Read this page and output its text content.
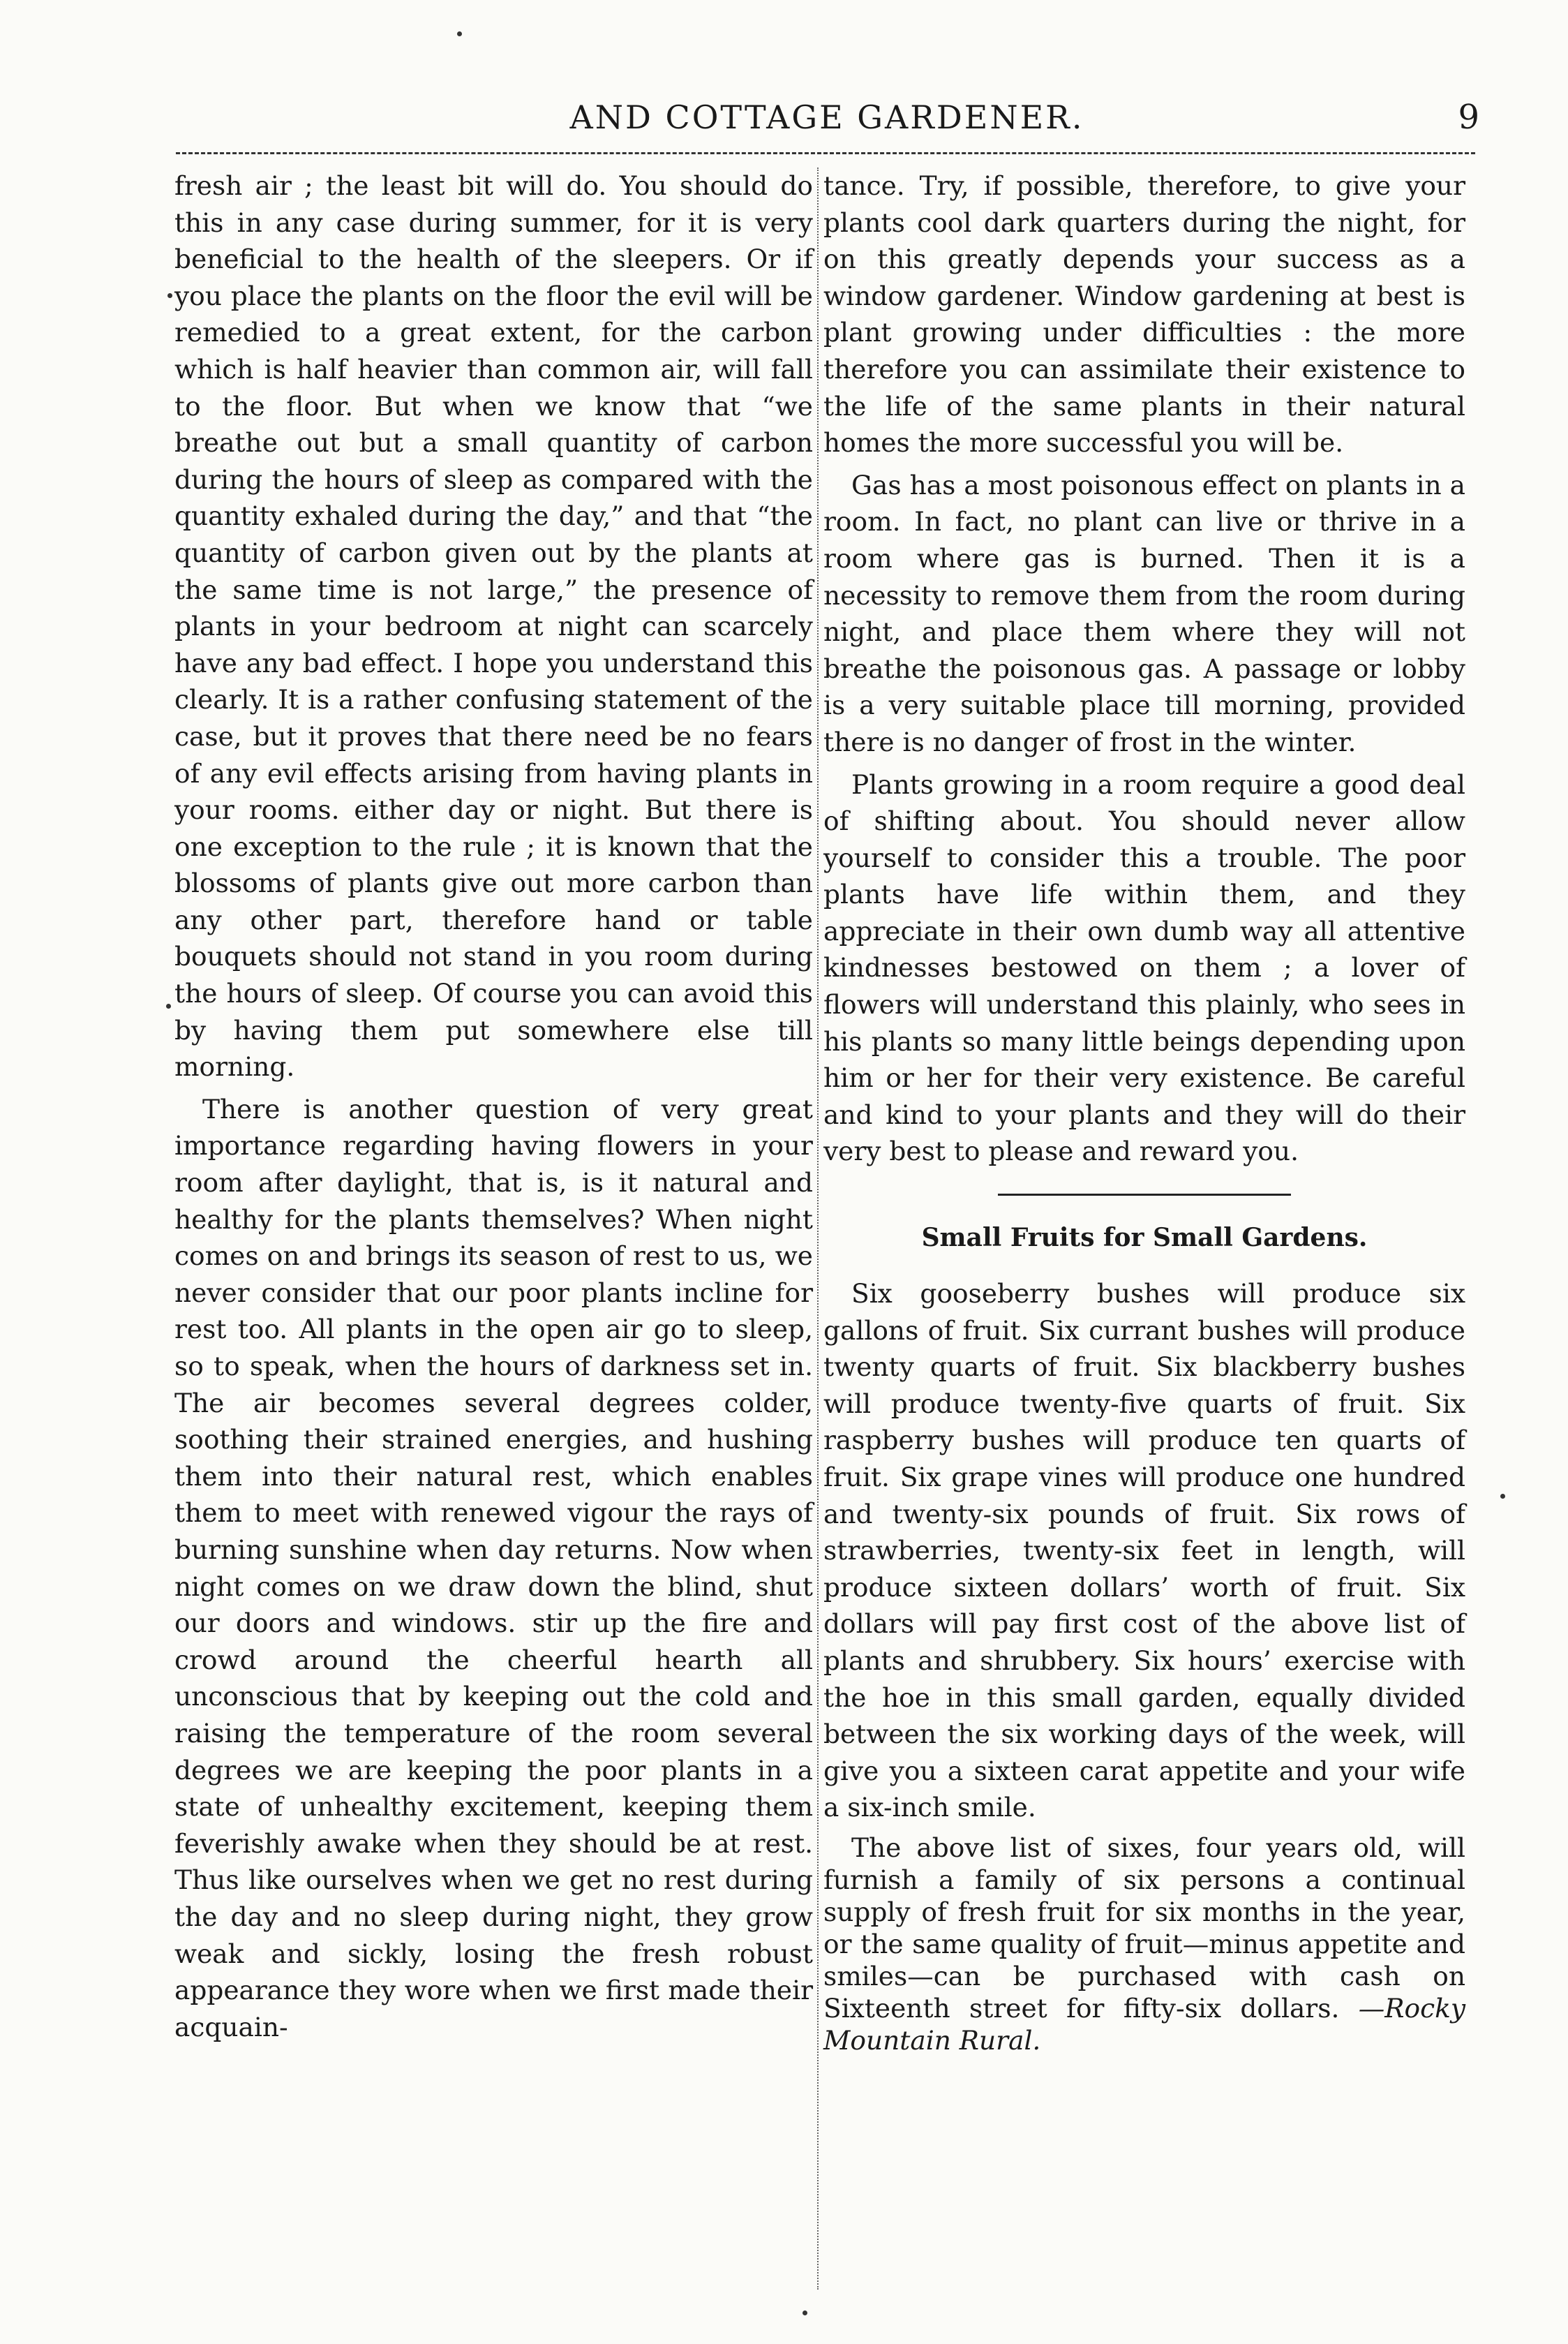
AND COTTAGE GARDENER.	9

fresh air ; the least bit will do. You should do this in any case during summer, for it is very beneficial to the health of the sleepers. Or if you place the plants on the floor the evil will be remedied to a great extent, for the carbon which is half heavier than common air, will fall to the floor. But when we know that “we breathe out but a small quantity of carbon during the hours of sleep as compared with the quantity exhaled during the day,” and that “the quantity of carbon given out by the plants at the same time is not large,” the presence of plants in your bedroom at night can scarcely have any bad effect. I hope you understand this clearly. It is a rather confusing statement of the case, but it proves that there need be no fears of any evil effects arising from having plants in your rooms. either day or night. But there is one exception to the rule ; it is known that the blossoms of plants give out more carbon than any other part, therefore hand or table bouquets should not stand in you room during the hours of sleep. Of course you can avoid this by having them put somewhere else till morning.

There is another question of very great importance regarding having flowers in your room after daylight, that is, is it natural and healthy for the plants themselves? When night comes on and brings its season of rest to us, we never consider that our poor plants incline for rest too. All plants in the open air go to sleep, so to speak, when the hours of darkness set in. The air becomes several degrees colder, soothing their strained energies, and hushing them into their natural rest, which enables them to meet with renewed vigour the rays of burning sunshine when day returns. Now when night comes on we draw down the blind, shut our doors and windows. stir up the fire and crowd around the cheerful hearth all unconscious that by keeping out the cold and raising the temperature of the room several degrees we are keeping the poor plants in a state of unhealthy excitement, keeping them feverishly awake when they should be at rest. Thus like ourselves when we get no rest during the day and no sleep during night, they grow weak and sickly, losing the fresh robust appearance they wore when we first made their acquain-

tance. Try, if possible, therefore, to give your plants cool dark quarters during the night, for on this greatly depends your success as a window gardener. Window gardening at best is plant growing under difficulties : the more therefore you can assimilate their existence to the life of the same plants in their natural homes the more successful you will be.

Gas has a most poisonous effect on plants in a room. In fact, no plant can live or thrive in a room where gas is burned. Then it is a necessity to remove them from the room during night, and place them where they will not breathe the poisonous gas. A passage or lobby is a very suitable place till morning, provided there is no danger of frost in the winter.

Plants growing in a room require a good deal of shifting about. You should never allow yourself to consider this a trouble. The poor plants have life within them, and they appreciate in their own dumb way all attentive kindnesses bestowed on them ; a lover of flowers will understand this plainly, who sees in his plants so many little beings depending upon him or her for their very existence. Be careful and kind to your plants and they will do their very best to please and reward you.

Small Fruits for Small Gardens.

Six gooseberry bushes will produce six gallons of fruit. Six currant bushes will produce twenty quarts of fruit. Six blackberry bushes will produce twenty-five quarts of fruit. Six raspberry bushes will produce ten quarts of fruit. Six grape vines will produce one hundred and twenty-six pounds of fruit. Six rows of strawberries, twenty-six feet in length, will produce sixteen dollars’ worth of fruit. Six dollars will pay first cost of the above list of plants and shrubbery. Six hours’ exercise with the hoe in this small garden, equally divided between the six working days of the week, will give you a sixteen carat appetite and your wife a six-inch smile.

The above list of sixes, four years old, will furnish a family of six persons a continual supply of fresh fruit for six months in the year, or the same quality of fruit—minus appetite and smiles—can be purchased with cash on Sixteenth street for fifty-six dollars. —Rocky Mountain Rural.
